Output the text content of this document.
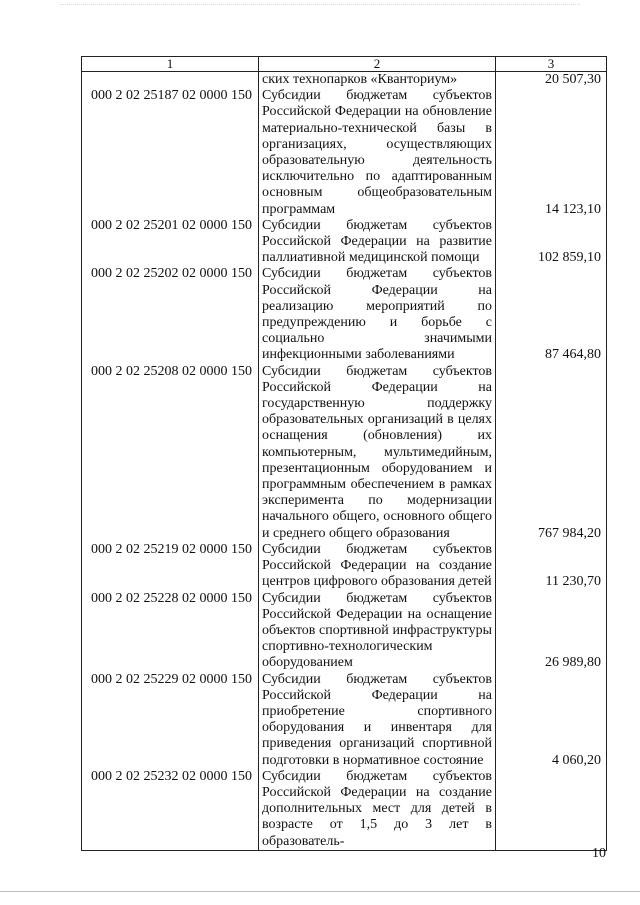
1	2	3
	ских технопарков «Кванториум»	20 507,30
000 2 02 25187 02 0000 150	Субсидии бюджетам субъектов Российской Федерации на обновление материально-технической базы в организациях, осуществляющих образовательную деятельность исключительно по адаптированным основным общеобразовательным программам	14 123,10
000 2 02 25201 02 0000 150	Субсидии бюджетам субъектов Российской Федерации на развитие паллиативной медицинской помощи	102 859,10
000 2 02 25202 02 0000 150	Субсидии бюджетам субъектов Российской Федерации на реализацию мероприятий по предупреждению и борьбе с социально значимыми инфекционными заболеваниями	87 464,80
000 2 02 25208 02 0000 150	Субсидии бюджетам субъектов Российской Федерации на государственную поддержку образовательных организаций в целях оснащения (обновления) их компьютерным, мультимедийным, презентационным оборудованием и программным обеспечением в рамках эксперимента по модернизации начального общего, основного общего и среднего общего образования	767 984,20
000 2 02 25219 02 0000 150	Субсидии бюджетам субъектов Российской Федерации на создание центров цифрового образования детей	11 230,70
000 2 02 25228 02 0000 150	Субсидии бюджетам субъектов Российской Федерации на оснащение объектов спортивной инфраструктуры спортивно-технологическим оборудованием	26 989,80
000 2 02 25229 02 0000 150	Субсидии бюджетам субъектов Российской Федерации на приобретение спортивного оборудования и инвентаря для приведения организаций спортивной подготовки в нормативное состояние	4 060,20
000 2 02 25232 02 0000 150	Субсидии бюджетам субъектов Российской Федерации на создание дополнительных мест для детей в возрасте от 1,5 до 3 лет в образователь-	
10
